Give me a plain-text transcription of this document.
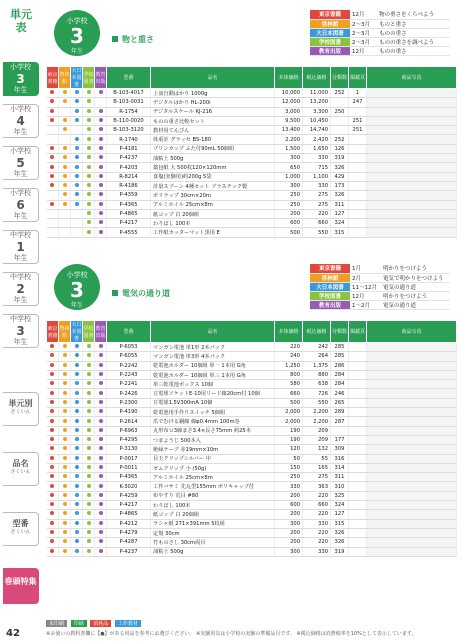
単元表
小学校
3
年生
小学校
4
年生
小学校
5
年生
小学校
6
年生
中学校
1
年生
中学校
2
年生
中学校
3
年生
単元別
さくいん
品名
さくいん
型番
さくいん
巻頭特集
小学校
3
年生
物と重さ
東京書籍	12月	物の重さをくらべよう
啓林館	2〜3月	ものと重さ
大日本図書	2〜3月	ものの重さ
学校図書	2〜3月	ものの重さを調べよう
教育出版	12月	ものの重さ
東京書籍	啓林館	大日本図書	学校図書	教育出版	型番	品名	本体価格	税込価格	分類数	掲載頁	商品写真
					B-103-4017	上皿自動はかり 1000g	10,000	11,000	252	1	
					B-103-0031	デジタルはかり HL-200i	12,000	13,200		247	
					R-1754	デジタルスケール KJ-216	3,000	3,300	250		
					B-110-0020	ものの重さ比較セット	9,500	10,450		251	
					B-103-3120	教材用てんびん	13,400	14,740		251	
					R-1740	体重計 グラッセ BS-180	2,200	2,420	252		
					P-4181	プリンカップ ふた付90mL 50個組	1,500	1,650	126		
					P-4237	油粘土 500g	300	330	319		
					P-4203	薬包紙 大 500枚120×120mm	650	715	326		
					R-8214	食塩(実験用)約200g 5袋	1,000	1,100	429		
					R-4186	計量スプーン 4種セット プラスチック製	300	330	173		
					P-4359	ポリラップ 30cm×20m	250	275	326		
					P-4365	アルミホイル 25cm×8m	250	275	311		
					P-4865	紙コップ 白 20個組	200	220	127		
					P-4217	わりばし 100本	600	660	324		
					P-4555	工作紙カッターマット黒用 E	500	550	315		
小学校
3
年生
電気の通り道
東京書籍	1月	明かりをつけよう
啓林館	2月	電気で明かりをつけよう
大日本図書	11〜12月	電気の通り道
学校図書	12月	明かりをつけよう
教育出版	1〜2月	電気の通り道
東京書籍	啓林館	大日本図書	学校図書	教育出版	型番	品名	本体価格	税込価格	分類数	掲載頁	商品写真
					P-6053	マンガン電池 単1形 2本パック	220	242	285		
					P-6055	マンガン電池 単3形 4本パック	240	264	285		
					P-2242	乾電池ホルダー 10個組 単一 1本用 G角	1,250	1,375	286		
					P-2243	乾電池ホルダー 10個組 単三 1本用 G角	800	880	284		
					P-2241	単三乾電池ボックス 10個	580	638	284		
					P-2426	豆電球ソケットE-10用リード線20cm付 10個	660	726	246		
					P-2300	豆電球1.5V300mA 10個	500	550	265		
					P-4190	乾電池用手作りスイッチ 5個組	2,000	2,200	289		
					P-2614	爪でむける銅線 線φ0.4mm 100m巻	2,000	2,200	287		
					P-6963	丸形布ロ3線まさ3.4×長さ75mm 約25本	190	209			
					P-4295	つまようじ 500本入	190	209	177		
					P-3130	絶縁テープ 赤19mm×10m	120	132	309		
					P-0017	目玉クリップシルバー 中	50	55	316		
					P-0011	ゼムクリップ 小 (50g)	150	165	314		
					P-4365	アルミホイル 25cm×8m	250	275	311		
					K-3020	工作バサミ 先丸型155mm ポリキャップ付	330	363	310		
					P-4259	布やすり 荒目 #80	200	220	325		
					P-4217	わりばし 100本	600	660	324		
					P-4865	紙コップ 白 20個組	200	220	127		
					P-4212	ラシャ紙 271×391mm 5枚組	300	330	315		
					P-4279	定規 30cm	200	220	326		
					P-4287	竹ものさし 30cm両目	200	220	326		
					P-4237	油粘土 500g	300	330	319		
未印刷 印刷 消耗品 工作教材
※お使いの教科書欄に【●】がある用品を参考にお選びください。 ※実験用具は小学校の実験の準備品目です。 ※税込価格は消費税率を10%として表示しています。
42
